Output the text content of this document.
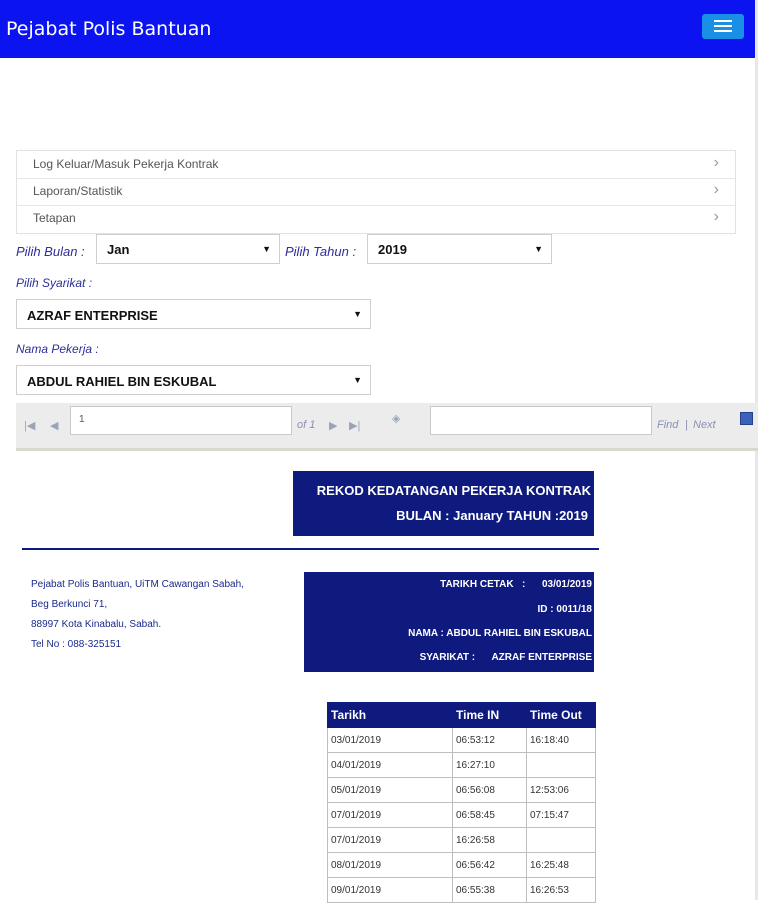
Pejabat Polis Bantuan
Log Keluar/Masuk Pekerja Kontrak	›
Laporan/Statistik	›
Tetapan	›
Pilih Bulan : Jan	▼ Pilih Tahun : 2019	▼
Pilih Syarikat :
AZRAF ENTERPRISE	▼
Nama Pekerja :
ABDUL RAHIEL BIN ESKUBAL	▼
|◀ ◀
1	of 1 ▶ ▶|
◈	Find | Next
REKOD KEDATANGAN PEKERJA KONTRAK
BULAN : January TAHUN :2019
Pejabat Polis Bantuan, UiTM Cawangan Sabah,
Beg Berkunci 71,
88997 Kota Kinabalu, Sabah.
Tel No : 088-325151
TARIKH CETAK   :      03/01/2019
ID : 0011/18
NAMA : ABDUL RAHIEL BIN ESKUBAL
SYARIKAT :      AZRAF ENTERPRISE
Tarikh	Time IN	Time Out
03/01/2019	06:53:12	16:18:40
04/01/2019	16:27:10	
05/01/2019	06:56:08	12:53:06
07/01/2019	06:58:45	07:15:47
07/01/2019	16:26:58	
08/01/2019	06:56:42	16:25:48
09/01/2019	06:55:38	16:26:53
